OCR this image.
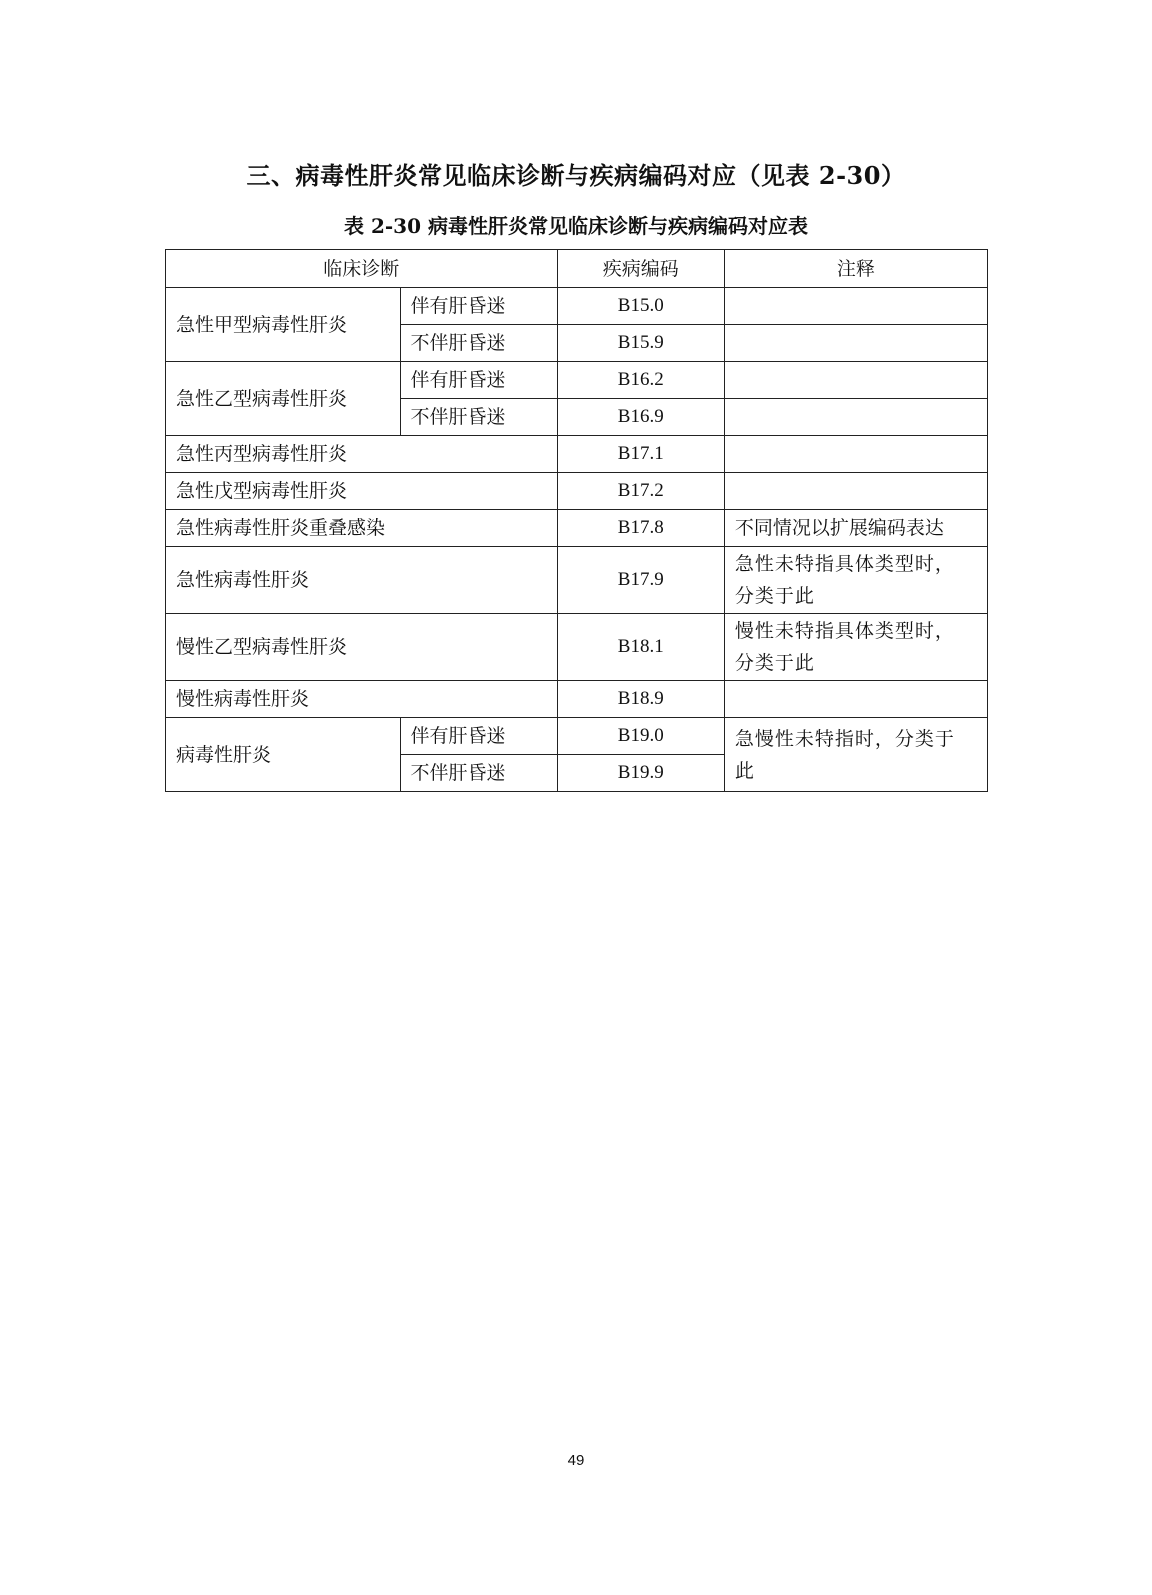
三、病毒性肝炎常见临床诊断与疾病编码对应（见表 2-30）
表 2-30 病毒性肝炎常见临床诊断与疾病编码对应表
临床诊断		疾病编码	注释
急性甲型病毒性肝炎	伴有肝昏迷	B15.0	
	不伴肝昏迷	B15.9	
急性乙型病毒性肝炎	伴有肝昏迷	B16.2	
	不伴肝昏迷	B16.9	
急性丙型病毒性肝炎		B17.1	
急性戊型病毒性肝炎		B17.2	
急性病毒性肝炎重叠感染		B17.8	不同情况以扩展编码表达
急性病毒性肝炎		B17.9	急性未特指具体类型时，
分类于此

慢性乙型病毒性肝炎		B18.1	慢性未特指具体类型时，
分类于此

慢性病毒性肝炎		B18.9	
病毒性肝炎	伴有肝昏迷	B19.0	急慢性未特指时，分类于
此

	不伴肝昏迷	B19.9	
49
